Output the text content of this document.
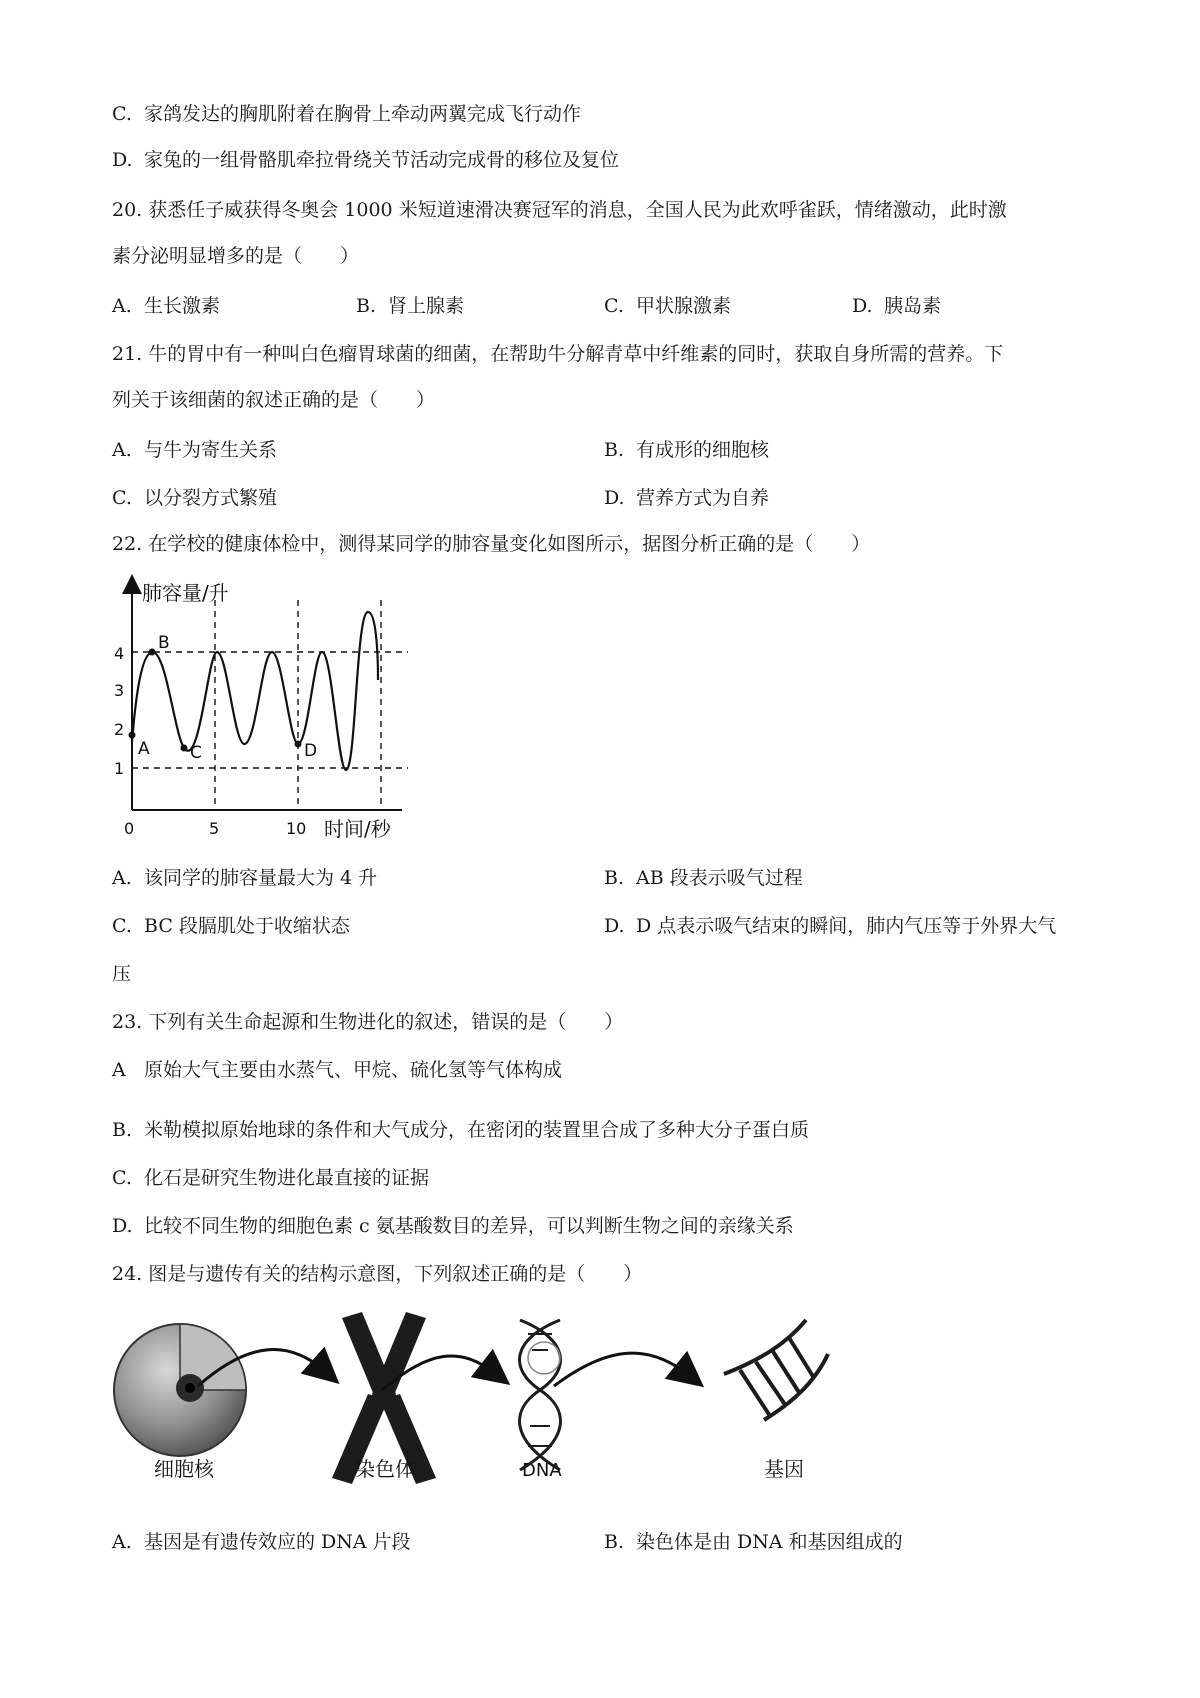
C. 家鸽发达的胸肌附着在胸骨上牵动两翼完成飞行动作
D. 家兔的一组骨骼肌牵拉骨绕关节活动完成骨的移位及复位
20. 获悉任子威获得冬奥会 1000 米短道速滑决赛冠军的消息，全国人民为此欢呼雀跃，情绪激动，此时激
素分泌明显增多的是（　　）
A. 生长激素	B. 肾上腺素	C. 甲状腺激素	D. 胰岛素
21. 牛的胃中有一种叫白色瘤胃球菌的细菌，在帮助牛分解青草中纤维素的同时，获取自身所需的营养。下
列关于该细菌的叙述正确的是（　　）
A. 与牛为寄生关系	B. 有成形的细胞核
C. 以分裂方式繁殖	D. 营养方式为自养
22. 在学校的健康体检中，测得某同学的肺容量变化如图所示，据图分析正确的是（　　）
肺容量/升
时间/秒
4
3
2
1
0	5	10
A
B
C	D
A. 该同学的肺容量最大为 4 升	B. AB 段表示吸气过程
C. BC 段膈肌处于收缩状态	D. D 点表示吸气结束的瞬间，肺内气压等于外界大气
压
23. 下列有关生命起源和生物进化的叙述，错误的是（　　）
A 原始大气主要由水蒸气、甲烷、硫化氢等气体构成
B. 米勒模拟原始地球的条件和大气成分，在密闭的装置里合成了多种大分子蛋白质
C. 化石是研究生物进化最直接的证据
D. 比较不同生物的细胞色素 c 氨基酸数目的差异，可以判断生物之间的亲缘关系
24. 图是与遗传有关的结构示意图，下列叙述正确的是（　　）
细胞核	染色体	DNA	基因
A. 基因是有遗传效应的 DNA 片段	B. 染色体是由 DNA 和基因组成的
